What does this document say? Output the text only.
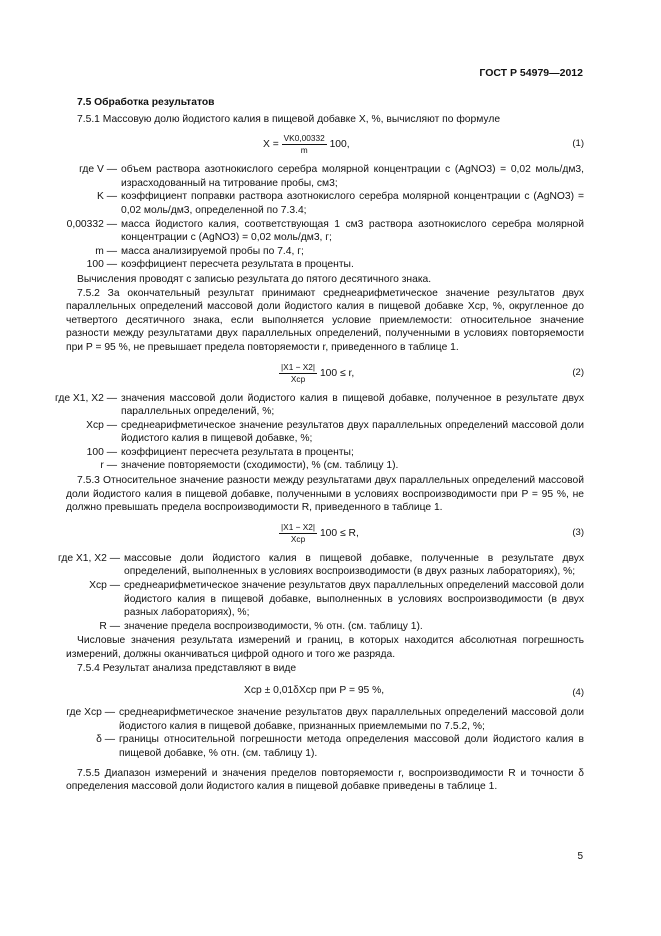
ГОСТ Р 54979—2012

7.5 Обработка результатов

7.5.1 Массовую долю йодистого калия в пищевой добавке X, %, вычисляют по формуле

$X = \frac{VK0,00332}{m} 100$,	(1)
где V — объем раствора азотнокислого серебра молярной концентрации c (AgNO3) = 0,02 моль/дм3, израсходованный на титрование пробы, см3;
K — коэффициент поправки раствора азотнокислого серебра молярной концентрации c (AgNO3) = 0,02 моль/дм3, определенной по 7.3.4;
0,00332 — масса йодистого калия, соответствующая 1 см3 раствора азотнокислого серебра молярной концентрации c (AgNO3) = 0,02 моль/дм3, г;
m — масса анализируемой пробы по 7.4, г;
100 — коэффициент пересчета результата в проценты.

Вычисления проводят с записью результата до пятого десятичного знака.

7.5.2 За окончательный результат принимают среднеарифметическое значение результатов двух параллельных определений массовой доли йодистого калия в пищевой добавке Xср, %, округленное до четвертого десятичного знака, если выполняется условие приемлемости: относительное значение разности между результатами двух параллельных определений, полученными в условиях повторяемости при P = 95 %, не превышает предела повторяемости r, приведенного в таблице 1.

$\frac{|X1 - X2|}{\text{Xср}} 100 \le r$,	(2)
где X1, X2 — значения массовой доли йодистого калия в пищевой добавке, полученное в результате двух параллельных определений, %;
Xср — среднеарифметическое значение результатов двух параллельных определений массовой доли йодистого калия в пищевой добавке, %;
100 — коэффициент пересчета результата в проценты;
r — значение повторяемости (сходимости), % (см. таблицу 1).

7.5.3 Относительное значение разности между результатами двух параллельных определений массовой доли йодистого калия в пищевой добавке, полученными в условиях воспроизводимости при P = 95 %, не должно превышать предела воспроизводимости R, приведенного в таблице 1.

$\frac{|X1 - X2|}{\text{Xср}} 100 \le R$,	(3)
где X1, X2 — массовые доли йодистого калия в пищевой добавке, полученные в результате двух определений, выполненных в условиях воспроизводимости (в двух разных лабораториях), %;
Xср — среднеарифметическое значение результатов двух параллельных определений массовой доли йодистого калия в пищевой добавке, выполненных в условиях воспроизводимости (в двух разных лабораториях), %;
R — значение предела воспроизводимости, % отн. (см. таблицу 1).

Числовые значения результата измерений и границ, в которых находится абсолютная погрешность измерений, должны оканчиваться цифрой одного и того же разряда.

7.5.4 Результат анализа представляют в виде

Xср ± 0,01δXср при P = 95 %,	(4)
где Xср — среднеарифметическое значение результатов двух параллельных определений массовой доли йодистого калия в пищевой добавке, признанных приемлемыми по 7.5.2, %;
δ — границы относительной погрешности метода определения массовой доли йодистого калия в пищевой добавке, % отн. (см. таблицу 1).

7.5.5 Диапазон измерений и значения пределов повторяемости r, воспроизводимости R и точности δ определения массовой доли йодистого калия в пищевой добавке приведены в таблице 1.

5
